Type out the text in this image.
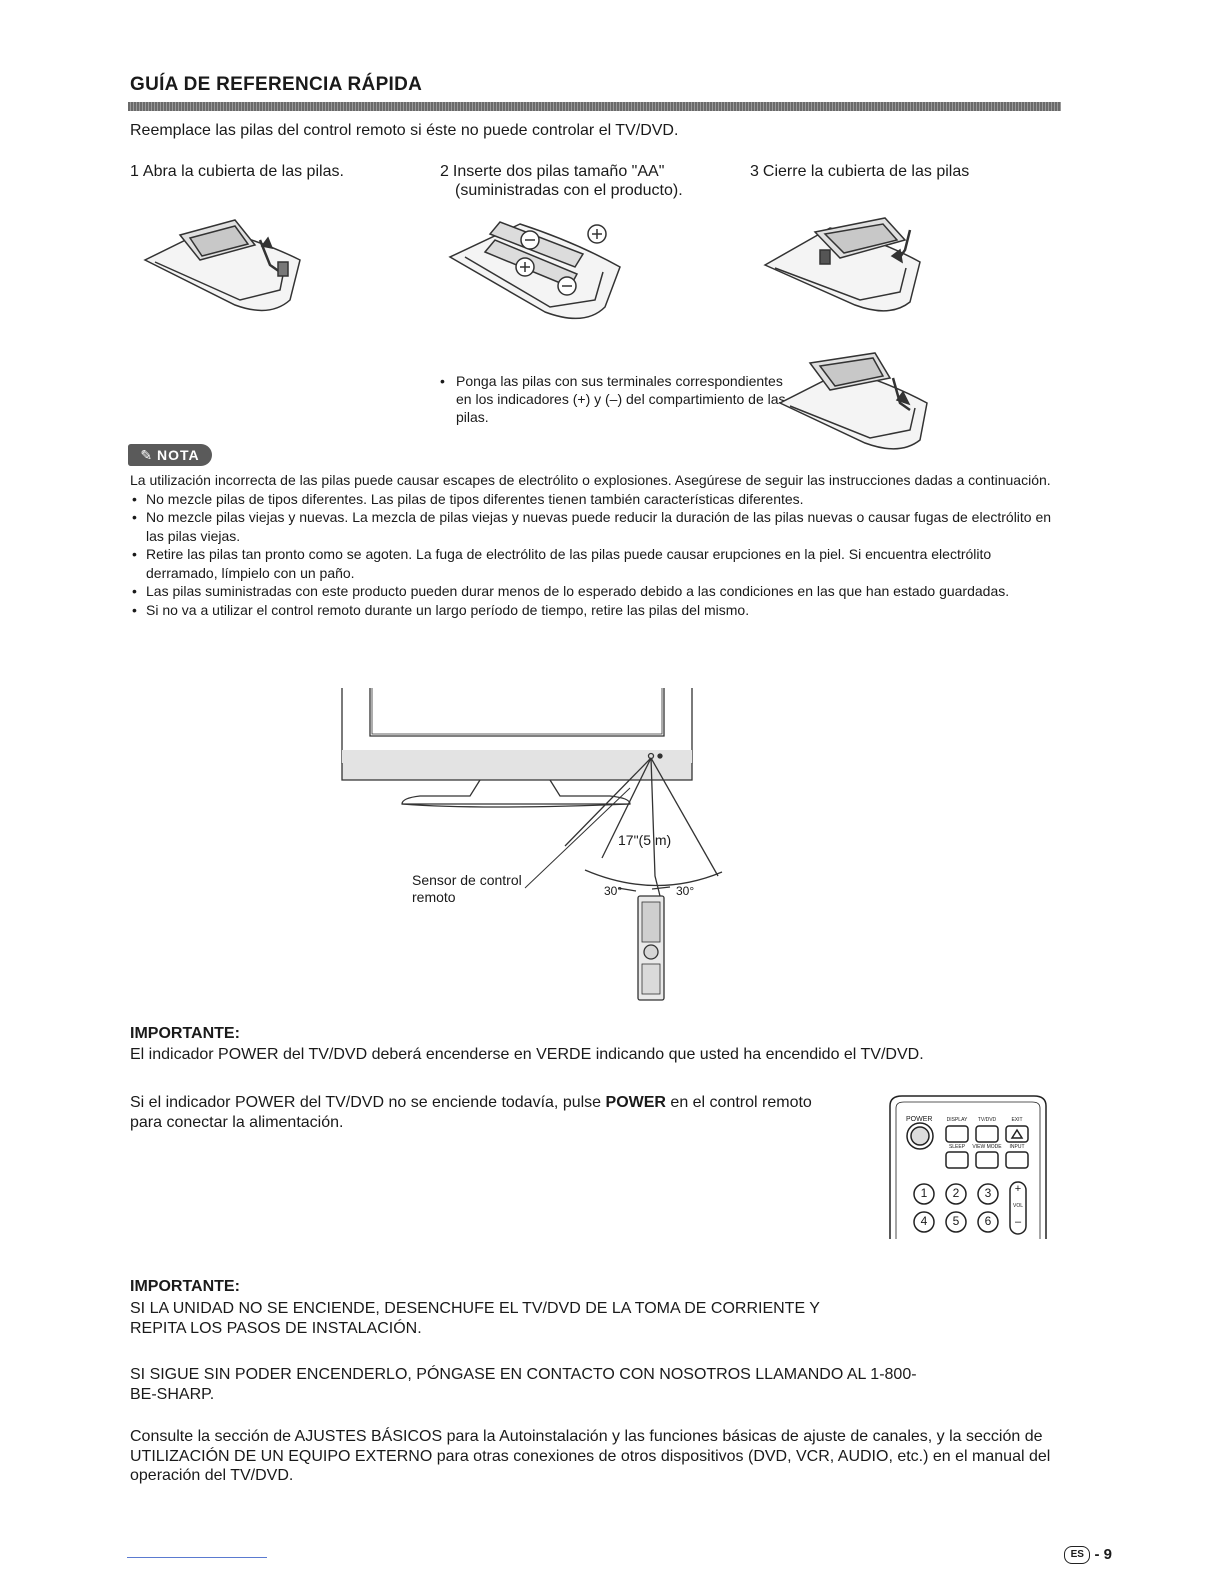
GUÍA DE REFERENCIA RÁPIDA
Reemplace las pilas del control remoto si éste no puede controlar el TV/DVD.
1 Abra la cubierta de las pilas.	2 Inserte dos pilas tamaño "AA" (suministradas con el producto).
3 Cierre la cubierta de las pilas
• Ponga las pilas con sus terminales correspondientes en los indicadores (+) y (–) del compartimiento de las pilas.
✎ NOTA
La utilización incorrecta de las pilas puede causar escapes de electrólito o explosiones. Asegúrese de seguir las instrucciones dadas a continuación.
• No mezcle pilas de tipos diferentes. Las pilas de tipos diferentes tienen también características diferentes.
• No mezcle pilas viejas y nuevas. La mezcla de pilas viejas y nuevas puede reducir la duración de las pilas nuevas o causar fugas de electrólito en las pilas viejas.
• Retire las pilas tan pronto como se agoten. La fuga de electrólito de las pilas puede causar erupciones en la piel. Si encuentra electrólito derramado, límpielo con un paño.
• Las pilas suministradas con este producto pueden durar menos de lo esperado debido a las condiciones en las que han estado guardadas.
• Si no va a utilizar el control remoto durante un largo período de tiempo, retire las pilas del mismo.
17"(5 m)
30°	30°
Sensor de control
remoto
IMPORTANTE:
El indicador POWER del TV/DVD deberá encenderse en VERDE indicando que usted ha encendido el TV/DVD.
Si el indicador POWER del TV/DVD no se enciende todavía, pulse POWER en el control remoto para conectar la alimentación.	POWER	DISPLAY	TV/DVD	EXIT
SLEEP	VIEW MODE	INPUT
1	2	3
4	5	6
+
VOL
–
IMPORTANTE:
SI LA UNIDAD NO SE ENCIENDE, DESENCHUFE EL TV/DVD DE LA TOMA DE CORRIENTE Y
REPITA LOS PASOS DE INSTALACIÓN.
SI SIGUE SIN PODER ENCENDERLO, PÓNGASE EN CONTACTO CON NOSOTROS LLAMANDO AL 1-800-
BE-SHARP.
Consulte la sección de AJUSTES BÁSICOS para la Autoinstalación y las funciones básicas de ajuste de canales, y la sección de UTILIZACIÓN DE UN EQUIPO EXTERNO para otras conexiones de otros dispositivos (DVD, VCR, AUDIO, etc.) en el manual del operación del TV/DVD.
ES - 9
